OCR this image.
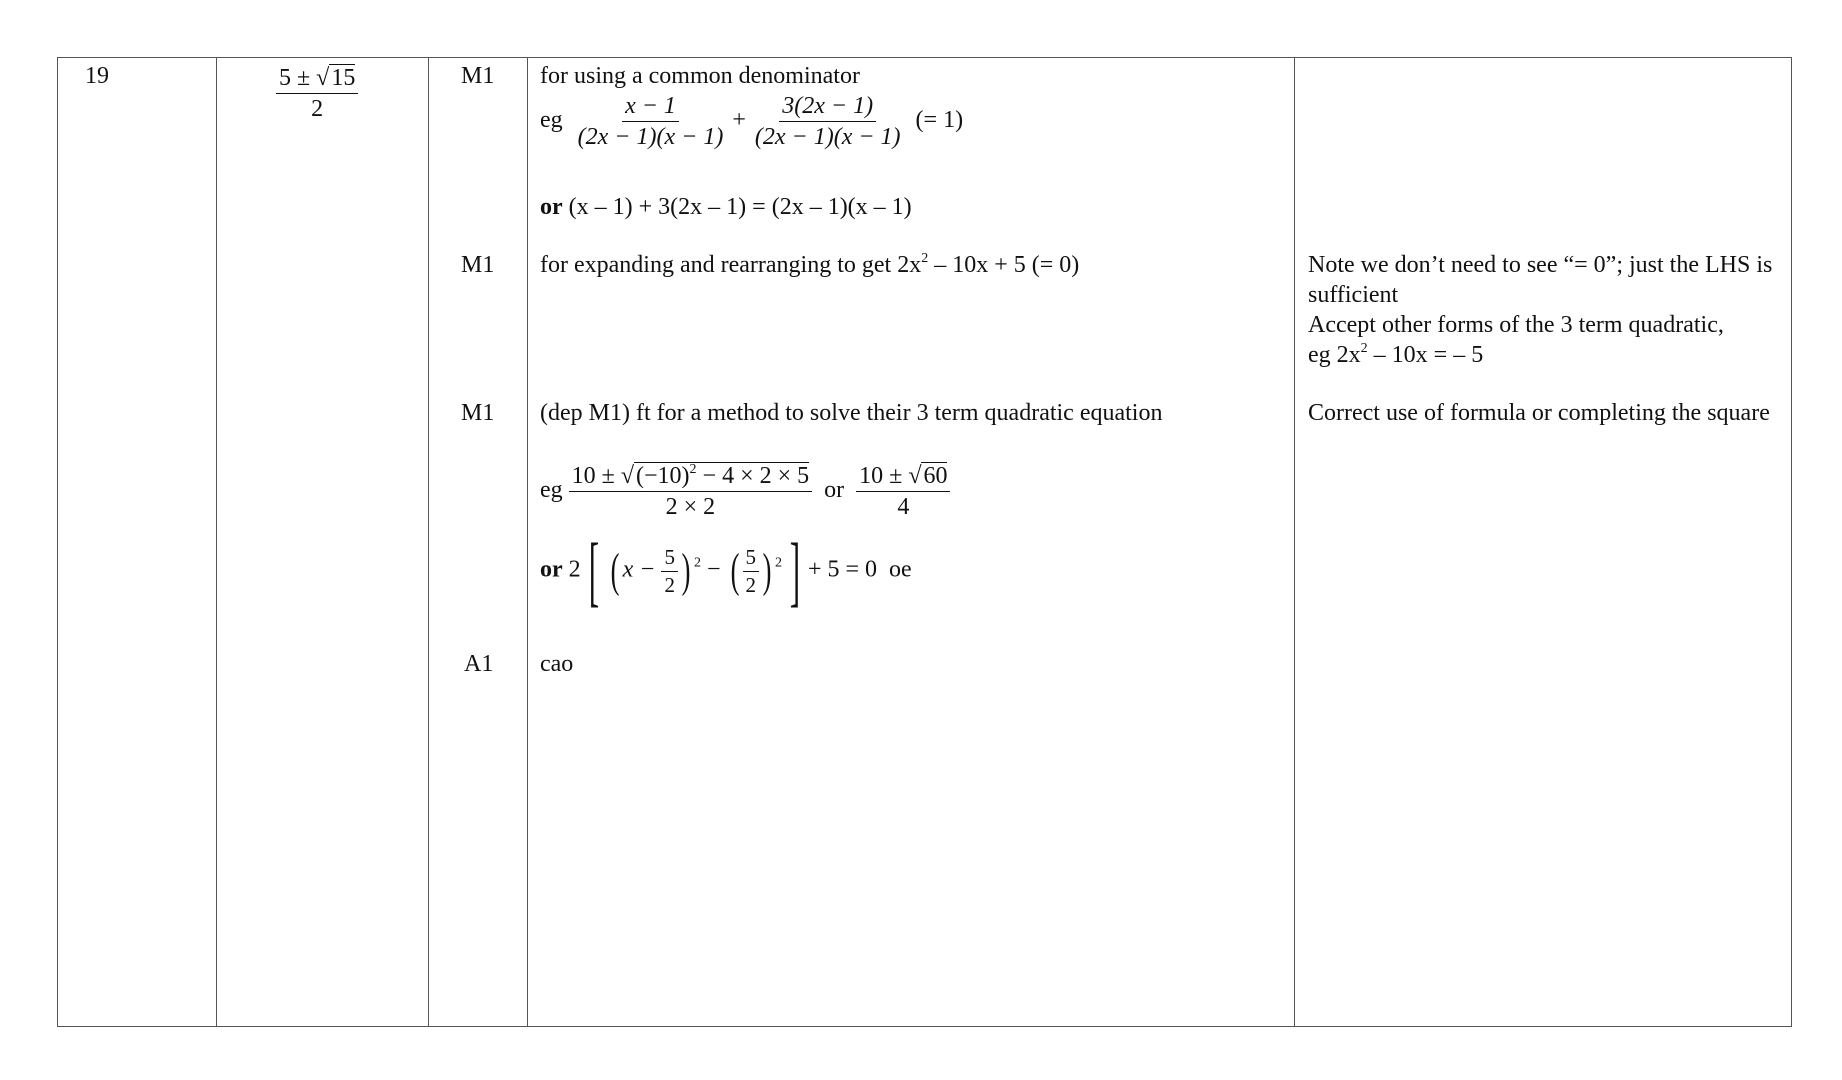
19	$\frac{5 \pm √15}{2}$	M1 for using a common denominator
eg $\frac{x - 1}{(2x - 1)(x - 1)} + \frac{3(2x - 1)}{(2x - 1)(x - 1)}$ (= 1)
or (x – 1) + 3(2x – 1) = (2x – 1)(x – 1)
M1 for expanding and rearranging to get $2x^2 - 10x + 5$ (= 0)	Note we don’t need to see “= 0”; just the LHS is sufficient
Accept other forms of the 3 term quadratic,
eg $2x^2 - 10x$ = – 5
M1 (dep M1) ft for a method to solve their 3 term quadratic equation	Correct use of formula or completing the square
eg $\frac{10 \pm √(-10)^2 - 4 \times 2 \times 5}{2 \times 2}$ or $\frac{10 \pm √60}{4}$
or 2[ ( $x - \frac{5}{2}$ ) $^2$ − ( $\frac{5}{2}$ ) $^2$] + 5 = 0 oe
A1 cao
